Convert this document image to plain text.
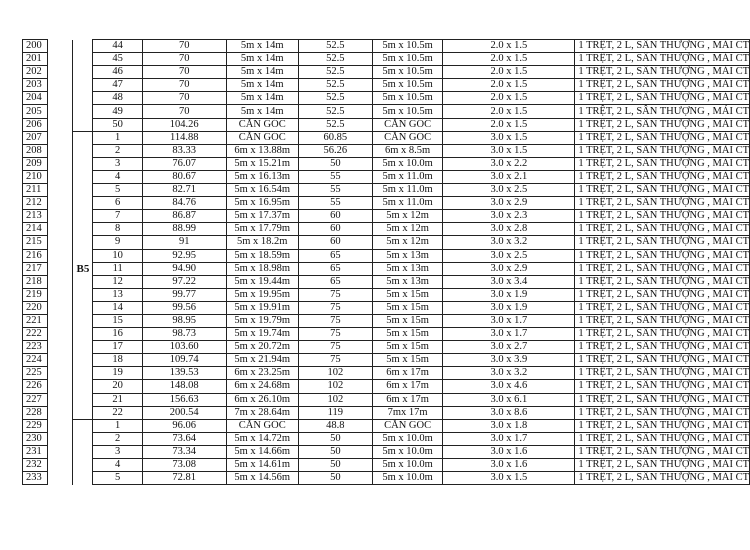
200			44	70	5m x 14m	52.5	5m x 10.5m	2.0 x 1.5	1 TRỆT, 2 L, SÂN THƯỢNG , MÁI CT
201			45	70	5m x 14m	52.5	5m x 10.5m	2.0 x 1.5	1 TRỆT, 2 L, SÂN THƯỢNG , MÁI CT
202			46	70	5m x 14m	52.5	5m x 10.5m	2.0 x 1.5	1 TRỆT, 2 L, SÂN THƯỢNG , MÁI CT
203			47	70	5m x 14m	52.5	5m x 10.5m	2.0 x 1.5	1 TRỆT, 2 L, SÂN THƯỢNG , MÁI CT
204			48	70	5m x 14m	52.5	5m x 10.5m	2.0 x 1.5	1 TRỆT, 2 L, SÂN THƯỢNG , MÁI CT
205			49	70	5m x 14m	52.5	5m x 10.5m	2.0 x 1.5	1 TRỆT, 2 L, SÂN THƯỢNG , MÁI CT
206			50	104.26	CĂN GÓC	52.5	CĂN GÓC	2.0 x 1.5	1 TRỆT, 2 L, SÂN THƯỢNG , MÁI CT
207			1	114.88	CĂN GÓC	60.85	CĂN GÓC	3.0 x 1.5	1 TRỆT, 2 L, SÂN THƯỢNG , MÁI CT
208			2	83.33	6m x 13.88m	56.26	6m x 8.5m	3.0 x 1.5	1 TRỆT, 2 L, SÂN THƯỢNG , MÁI CT
209			3	76.07	5m x 15.21m	50	5m x 10.0m	3.0 x 2.2	1 TRỆT, 2 L, SÂN THƯỢNG , MÁI CT
210			4	80.67	5m x 16.13m	55	5m x 11.0m	3.0 x 2.1	1 TRỆT, 2 L, SÂN THƯỢNG , MÁI CT
211			5	82.71	5m x 16.54m	55	5m x 11.0m	3.0 x 2.5	1 TRỆT, 2 L, SÂN THƯỢNG , MÁI CT
212			6	84.76	5m x 16.95m	55	5m x 11.0m	3.0 x 2.9	1 TRỆT, 2 L, SÂN THƯỢNG , MÁI CT
213			7	86.87	5m x 17.37m	60	5m x 12m	3.0 x 2.3	1 TRỆT, 2 L, SÂN THƯỢNG , MÁI CT
214			8	88.99	5m x 17.79m	60	5m x 12m	3.0 x 2.8	1 TRỆT, 2 L, SÂN THƯỢNG , MÁI CT
215			9	91	5m x 18.2m	60	5m x 12m	3.0 x 3.2	1 TRỆT, 2 L, SÂN THƯỢNG , MÁI CT
216			10	92.95	5m x 18.59m	65	5m x 13m	3.0 x 2.5	1 TRỆT, 2 L, SÂN THƯỢNG , MÁI CT
217		B5	11	94.90	5m x 18.98m	65	5m x 13m	3.0 x 2.9	1 TRỆT, 2 L, SÂN THƯỢNG , MÁI CT
218			12	97.22	5m x 19.44m	65	5m x 13m	3.0 x 3.4	1 TRỆT, 2 L, SÂN THƯỢNG , MÁI CT
219			13	99.77	5m x 19.95m	75	5m x 15m	3.0 x 1.9	1 TRỆT, 2 L, SÂN THƯỢNG , MÁI CT
220			14	99.56	5m x 19.91m	75	5m x 15m	3.0 x 1.9	1 TRỆT, 2 L, SÂN THƯỢNG , MÁI CT
221			15	98.95	5m x 19.79m	75	5m x 15m	3.0 x 1.7	1 TRỆT, 2 L, SÂN THƯỢNG , MÁI CT
222			16	98.73	5m x 19.74m	75	5m x 15m	3.0 x 1.7	1 TRỆT, 2 L, SÂN THƯỢNG , MÁI CT
223			17	103.60	5m x 20.72m	75	5m x 15m	3.0 x 2.7	1 TRỆT, 2 L, SÂN THƯỢNG , MÁI CT
224			18	109.74	5m x 21.94m	75	5m x 15m	3.0 x 3.9	1 TRỆT, 2 L, SÂN THƯỢNG , MÁI CT
225			19	139.53	6m x 23.25m	102	6m x 17m	3.0 x 3.2	1 TRỆT, 2 L, SÂN THƯỢNG , MÁI CT
226			20	148.08	6m x 24.68m	102	6m x 17m	3.0 x 4.6	1 TRỆT, 2 L, SÂN THƯỢNG , MÁI CT
227			21	156.63	6m x 26.10m	102	6m x 17m	3.0 x 6.1	1 TRỆT, 2 L, SÂN THƯỢNG , MÁI CT
228			22	200.54	7m x 28.64m	119	7mx 17m	3.0 x 8.6	1 TRỆT, 2 L, SÂN THƯỢNG , MÁI CT
229			1	96.06	CĂN GÓC	48.8	CĂN GÓC	3.0 x 1.8	1 TRỆT, 2 L, SÂN THƯỢNG , MÁI CT
230			2	73.64	5m x 14.72m	50	5m x 10.0m	3.0 x 1.7	1 TRỆT, 2 L, SÂN THƯỢNG , MÁI CT
231			3	73.34	5m x 14.66m	50	5m x 10.0m	3.0 x 1.6	1 TRỆT, 2 L, SÂN THƯỢNG , MÁI CT
232			4	73.08	5m x 14.61m	50	5m x 10.0m	3.0 x 1.6	1 TRỆT, 2 L, SÂN THƯỢNG , MÁI CT
233			5	72.81	5m x 14.56m	50	5m x 10.0m	3.0 x 1.5	1 TRỆT, 2 L, SÂN THƯỢNG , MÁI CT
